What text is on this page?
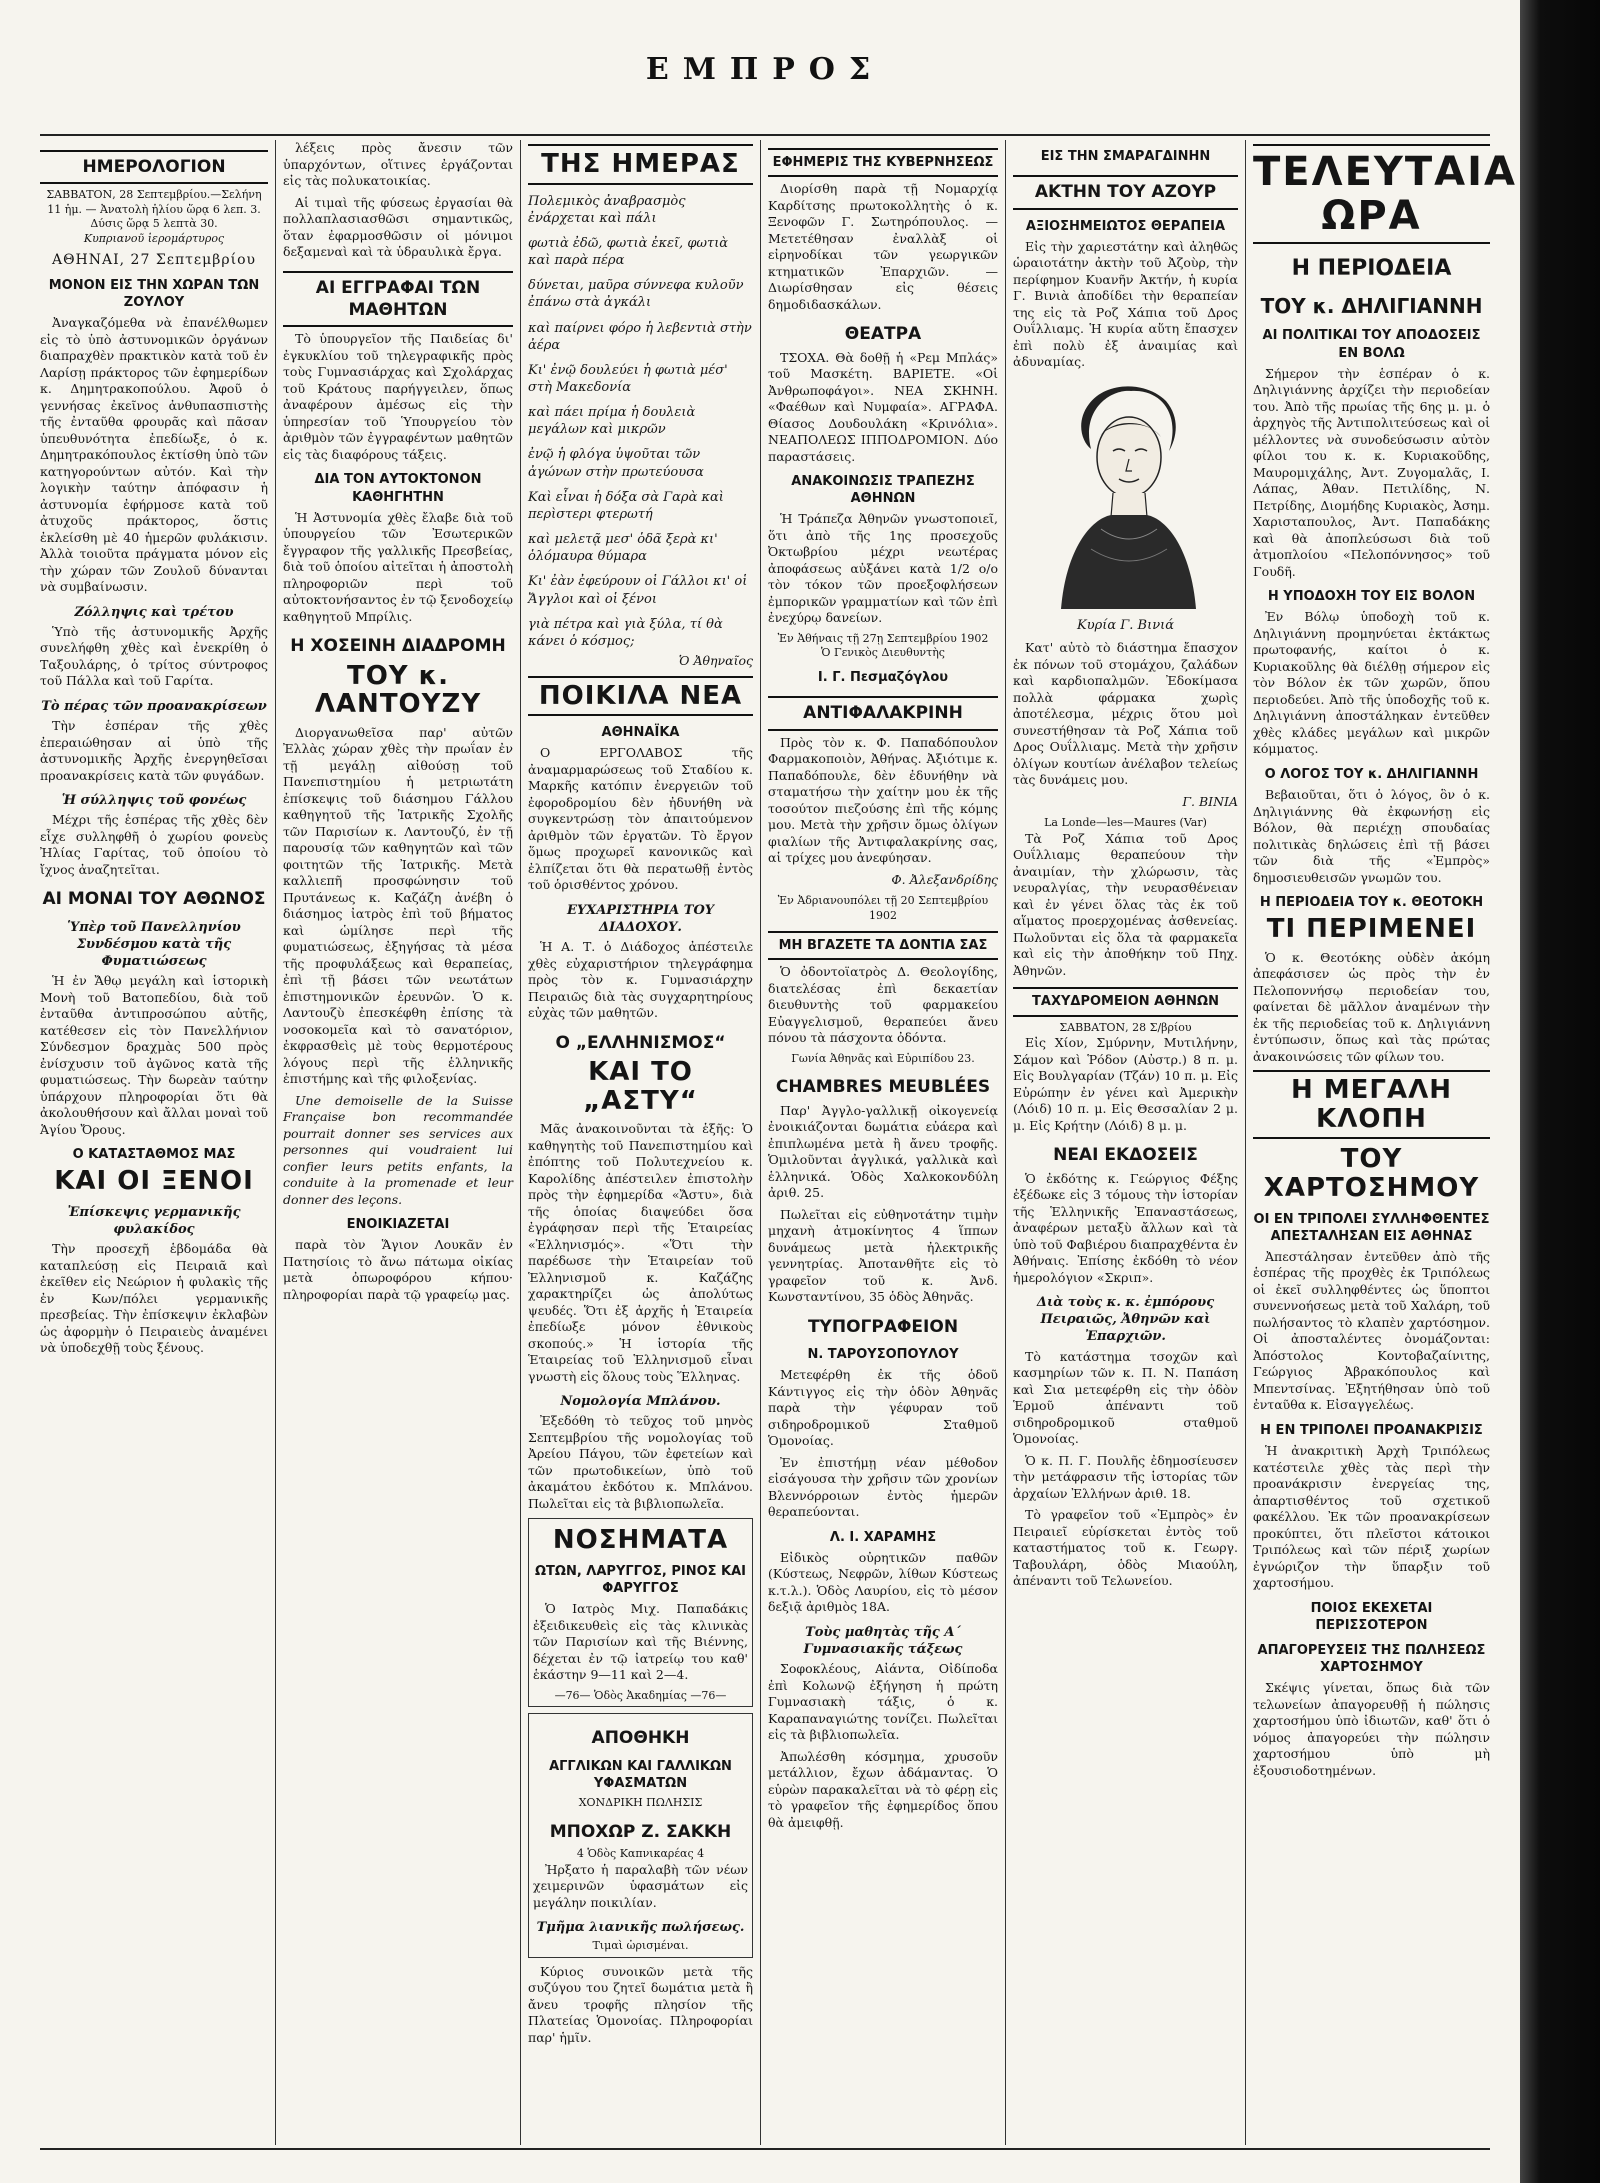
ΕΜΠΡΟΣ
ΗΜΕΡΟΛΟΓΙΟΝ
ΣΑΒΒΑΤΟΝ, 28 Σεπτεμβρίου.—Σελήνη 11 ἡμ. — Ἀνατολὴ ἡλίου ὥρᾳ 6 λεπ. 3. Δύσις ὥρᾳ 5 λεπτὰ 30.
Κυπριανοῦ ἱερομάρτυρος
ΑΘΗΝΑΙ, 27 Σεπτεμβρίου
ΜΟΝΟΝ ΕΙΣ ΤΗΝ ΧΩΡΑΝ ΤΩΝ ΖΟΥΛΟΥ

Ἀναγκαζόμεθα νὰ ἐπανέλθωμεν εἰς τὸ ὑπὸ ἀστυνομικῶν ὀργάνων διαπραχθὲν πρακτικὸν κατὰ τοῦ ἐν Λαρίσῃ πράκτορος τῶν ἐφημερίδων κ. Δημητρακοπούλου. Ἀφοῦ ὁ γεννήσας ἐκεῖνος ἀνθυπασπιστὴς τῆς ἐνταῦθα φρουρᾶς καὶ πᾶσαν ὑπευθυνότητα ἐπεδίωξε, ὁ κ. Δημητρακόπουλος ἐκτίσθη ὑπὸ τῶν κατηγορούντων αὐτόν. Καὶ τὴν λογικὴν ταύτην ἀπόφασιν ἡ ἀστυνομία ἐφήρμοσε κατὰ τοῦ ἀτυχοῦς πράκτορος, ὅστις ἐκλείσθη μὲ 40 ἡμερῶν φυλάκισιν. Ἀλλὰ τοιοῦτα πράγματα μόνον εἰς τὴν χώραν τῶν Ζουλοῦ δύνανται νὰ συμβαίνωσιν.

Ζόλληψις καὶ τρέτου

Ὑπὸ τῆς ἀστυνομικῆς Ἀρχῆς συνελήφθη χθὲς καὶ ἐνεκρίθη ὁ Ταξουλάρης, ὁ τρίτος σύντροφος τοῦ Πάλλα καὶ τοῦ Γαρίτα.

Τὸ πέρας τῶν προανακρίσεων

Τὴν ἑσπέραν τῆς χθὲς ἐπεραιώθησαν αἱ ὑπὸ τῆς ἀστυνομικῆς Ἀρχῆς ἐνεργηθεῖσαι προανακρίσεις κατὰ τῶν φυγάδων.

Ἡ σύλληψις τοῦ φονέως

Μέχρι τῆς ἑσπέρας τῆς χθὲς δὲν εἶχε συλληφθῆ ὁ χωρίου φονεὺς Ἠλίας Γαρίτας, τοῦ ὁποίου τὸ ἴχνος ἀναζητεῖται.

ΑΙ ΜΟΝΑΙ ΤΟΥ ΑΘΩΝΟΣ
Ὑπὲρ τοῦ Πανελληνίου Συνδέσμου κατὰ τῆς Φυματιώσεως

Ἡ ἐν Ἄθῳ μεγάλη καὶ ἱστορικὴ Μονὴ τοῦ Βατοπεδίου, διὰ τοῦ ἐνταῦθα ἀντιπροσώπου αὐτῆς, κατέθεσεν εἰς τὸν Πανελλήνιον Σύνδεσμον δραχμὰς 500 πρὸς ἐνίσχυσιν τοῦ ἀγῶνος κατὰ τῆς φυματιώσεως. Τὴν δωρεὰν ταύτην ὑπάρχουν πληροφορίαι ὅτι θὰ ἀκολουθήσουν καὶ ἄλλαι μοναὶ τοῦ Ἁγίου Ὄρους.

Ο ΚΑΤΑΣΤΑΘΜΟΣ ΜΑΣ
ΚΑΙ ΟΙ ΞΕΝΟΙ
Ἐπίσκεψις γερμανικῆς φυλακίδος

Τὴν προσεχῆ ἑβδομάδα θὰ καταπλεύσῃ εἰς Πειραιᾶ καὶ ἐκεῖθεν εἰς Νεώριον ἡ φυλακὶς τῆς ἐν Κων/πόλει γερμανικῆς πρεσβείας. Τὴν ἐπίσκεψιν ἐκλαβὼν ὡς ἀφορμὴν ὁ Πειραιεὺς ἀναμένει νὰ ὑποδεχθῇ τοὺς ξένους.

λέξεις πρὸς ἄνεσιν τῶν ὑπαρχόντων, οἵτινες ἐργάζονται εἰς τὰς πολυκατοικίας.

Αἱ τιμαὶ τῆς φύσεως ἐργασίαι θὰ πολλαπλασιασθῶσι σημαντικῶς, ὅταν ἐφαρμοσθῶσιν οἱ μόνιμοι δεξαμεναὶ καὶ τὰ ὑδραυλικὰ ἔργα.

ΑΙ ΕΓΓΡΑΦΑΙ ΤΩΝ ΜΑΘΗΤΩΝ

Τὸ ὑπουργεῖον τῆς Παιδείας δι' ἐγκυκλίου τοῦ τηλεγραφικῆς πρὸς τοὺς Γυμνασιάρχας καὶ Σχολάρχας τοῦ Κράτους παρήγγειλεν, ὅπως ἀναφέρουν ἀμέσως εἰς τὴν ὑπηρεσίαν τοῦ Ὑπουργείου τὸν ἀριθμὸν τῶν ἐγγραφέντων μαθητῶν εἰς τὰς διαφόρους τάξεις.

ΔΙΑ ΤΟΝ ΑΥΤΟΚΤΟΝΟΝ ΚΑΘΗΓΗΤΗΝ

Ἡ Ἀστυνομία χθὲς ἔλαβε διὰ τοῦ ὑπουργείου τῶν Ἐσωτερικῶν ἔγγραφον τῆς γαλλικῆς Πρεσβείας, διὰ τοῦ ὁποίου αἰτεῖται ἡ ἀποστολὴ πληροφοριῶν περὶ τοῦ αὐτοκτονήσαντος ἐν τῷ ξενοδοχείῳ καθηγητοῦ Μπρίλις.

Η ΧΟΣΕΙΝΗ ΔΙΑΔΡΟΜΗ
ΤΟΥ κ. ΛΑΝΤΟΥΖΥ

Διοργανωθεῖσα παρ' αὐτῶν Ἐλλὰς χώραν χθὲς τὴν πρωΐαν ἐν τῇ μεγάλῃ αἰθούσῃ τοῦ Πανεπιστημίου ἡ μετριωτάτη ἐπίσκεψις τοῦ διάσημου Γάλλου καθηγητοῦ τῆς Ἰατρικῆς Σχολῆς τῶν Παρισίων κ. Λαντουζύ, ἐν τῇ παρουσίᾳ τῶν καθηγητῶν καὶ τῶν φοιτητῶν τῆς Ἰατρικῆς. Μετὰ καλλιεπῆ προσφώνησιν τοῦ Πρυτάνεως κ. Καζάζη ἀνέβη ὁ διάσημος ἰατρὸς ἐπὶ τοῦ βήματος καὶ ὡμίλησε περὶ τῆς φυματιώσεως, ἐξηγήσας τὰ μέσα τῆς προφυλάξεως καὶ θεραπείας, ἐπὶ τῇ βάσει τῶν νεωτάτων ἐπιστημονικῶν ἐρευνῶν. Ὁ κ. Λαντουζὺ ἐπεσκέφθη ἐπίσης τὰ νοσοκομεῖα καὶ τὸ σανατόριον, ἐκφρασθεὶς μὲ τοὺς θερμοτέρους λόγους περὶ τῆς ἑλληνικῆς ἐπιστήμης καὶ τῆς φιλοξενίας.

Une demoiselle de la Suisse Française bon recommandée pourrait donner ses services aux personnes qui voudraient lui confier leurs petits enfants, la conduite à la promenade et leur donner des leçons.

ΕΝΟΙΚΙΑΖΕΤΑΙ

παρὰ τὸν Ἅγιον Λουκᾶν ἐν Πατησίοις τὸ ἄνω πάτωμα οἰκίας μετὰ ὀπωροφόρου κήπου· πληροφορίαι παρὰ τῷ γραφείῳ μας.

ΤΗΣ ΗΜΕΡΑΣ
Πολεμικὸς ἀναβρασμὸς ἐνάρχεται καὶ πάλι
φωτιὰ ἐδῶ, φωτιὰ ἐκεῖ, φωτιὰ καὶ παρὰ πέρα
δύνεται, μαῦρα σύννεφα κυλοῦν ἐπάνω στὰ ἀγκάλι
καὶ παίρνει φόρο ἡ λεβεντιὰ στὴν ἀέρα
Κι' ἐνῷ δουλεύει ἡ φωτιὰ μέσ' στὴ Μακεδονία
καὶ πάει πρίμα ἡ δουλειὰ μεγάλων καὶ μικρῶν
ἐνῷ ἡ φλόγα ὑψοῦται τῶν ἀγώνων στὴν πρωτεύουσα
Καὶ εἶναι ἡ δόξα σὰ Γαρὰ καὶ περὶστερι φτερωτή
καὶ μελετᾷ μεσ' ὁδᾶ ξερὰ κι' ὁλόμαυρα θύμαρα
Κι' ἐὰν ἐφεύρουν οἱ Γάλλοι κι' οἱ Ἄγγλοι καὶ οἱ ξένοι
γιὰ πέτρα καὶ γιὰ ξύλα, τί θὰ κάνει ὁ κόσμος;
Ὁ Ἀθηναῖος
ΠΟΙΚΙΛΑ ΝΕΑ
ΑΘΗΝΑΪΚΑ

Ο ΕΡΓΟΛΑΒΟΣ τῆς ἀναμαρμαρώσεως τοῦ Σταδίου κ. Μαρκῆς κατόπιν ἐνεργειῶν τοῦ ἐφοροδρομίου δὲν ἠδυνήθη νὰ συγκεντρώσῃ τὸν ἀπαιτούμενον ἀριθμὸν τῶν ἐργατῶν. Τὸ ἔργον ὅμως προχωρεῖ κανονικῶς καὶ ἐλπίζεται ὅτι θὰ περατωθῇ ἐντὸς τοῦ ὁρισθέντος χρόνου.

ΕΥΧΑΡΙΣΤΗΡΙΑ ΤΟΥ ΔΙΑΔΟΧΟΥ.

Ἡ Α. Τ. ὁ Διάδοχος ἀπέστειλε χθὲς εὐχαριστήριον τηλεγράφημα πρὸς τὸν κ. Γυμνασιάρχην Πειραιῶς διὰ τὰς συγχαρητηρίους εὐχὰς τῶν μαθητῶν.

Ο „ΕΛΛΗΝΙΣΜΟΣ“
ΚΑΙ ΤΟ „ΑΣΤΥ“

Μᾶς ἀνακοινοῦνται τὰ ἑξῆς: Ὁ καθηγητὴς τοῦ Πανεπιστημίου καὶ ἐπόπτης τοῦ Πολυτεχνείου κ. Καρολίδης ἀπέστειλεν ἐπιστολὴν πρὸς τὴν ἐφημερίδα «Ἄστυ», διὰ τῆς ὁποίας διαψεύδει ὅσα ἐγράφησαν περὶ τῆς Ἑταιρείας «Ἑλληνισμός». «Ὅτι τὴν παρέδωσε τὴν Ἑταιρείαν τοῦ Ἑλληνισμοῦ κ. Καζάζης χαρακτηρίζει ὡς ἀπολύτως ψευδές. Ὅτι ἐξ ἀρχῆς ἡ Ἑταιρεία ἐπεδίωξε μόνον ἐθνικοὺς σκοπούς.» Ἡ ἱστορία τῆς Ἑταιρείας τοῦ Ἑλληνισμοῦ εἶναι γνωστὴ εἰς ὅλους τοὺς Ἕλληνας.

Νομολογία Μπλάνου.

Ἐξεδόθη τὸ τεῦχος τοῦ μηνὸς Σεπτεμβρίου τῆς νομολογίας τοῦ Ἀρείου Πάγου, τῶν ἐφετείων καὶ τῶν πρωτοδικείων, ὑπὸ τοῦ ἀκαμάτου ἐκδότου κ. Μπλάνου. Πωλεῖται εἰς τὰ βιβλιοπωλεῖα.

ΝΟΣΗΜΑΤΑ
ΩΤΩΝ, ΛΑΡΥΓΓΟΣ, ΡΙΝΟΣ ΚΑΙ ΦΑΡΥΓΓΟΣ

Ὁ Ιατρὸς Μιχ. Παπαδάκις ἐξειδικευθεὶς εἰς τὰς κλινικὰς τῶν Παρισίων καὶ τῆς Βιέννης, δέχεται ἐν τῷ ἰατρείῳ του καθ' ἑκάστην 9—11 καὶ 2—4.

—76— Ὁδὸς Ἀκαδημίας —76—
ΑΠΟΘΗΚΗ
ΑΓΓΛΙΚΩΝ ΚΑΙ ΓΑΛΛΙΚΩΝ ΥΦΑΣΜΑΤΩΝ
ΧΟΝΔΡΙΚΗ ΠΩΛΗΣΙΣ
ΜΠΟΧΩΡ Ζ. ΣΑΚΚΗ
4 Ὁδὸς Καπνικαρέας 4

Ἠρξατο ἡ παραλαβὴ τῶν νέων χειμερινῶν ὑφασμάτων εἰς μεγάλην ποικιλίαν.

Τμῆμα λιανικῆς πωλήσεως.
Τιμαὶ ὡρισμέναι.

Κύριος συνοικῶν μετὰ τῆς συζύγου του ζητεῖ δωμάτια μετὰ ἢ ἄνευ τροφῆς πλησίον τῆς Πλατείας Ὁμονοίας. Πληροφορίαι παρ' ἡμῖν.

ΕΦΗΜΕΡΙΣ ΤΗΣ ΚΥΒΕΡΝΗΣΕΩΣ

Διορίσθη παρὰ τῇ Νομαρχίᾳ Καρδίτσης πρωτοκολλητὴς ὁ κ. Ξενοφῶν Γ. Σωτηρόπουλος. — Μετετέθησαν ἐναλλὰξ οἱ εἰρηνοδίκαι τῶν γεωργικῶν κτηματικῶν Ἐπαρχιῶν. — Διωρίσθησαν εἰς θέσεις δημοδιδασκάλων.

ΘΕΑΤΡΑ

ΤΣΟΧΑ. Θὰ δοθῇ ἡ «Ρεμ Μπλάς» τοῦ Μασκέτη. ΒΑΡΙΕΤΕ. «Οἱ Ἀνθρωποφάγοι». ΝΕΑ ΣΚΗΝΗ. «Φαέθων καὶ Νυμφαία». ΑΓΡΑΦΑ. Θίασος Δουδουλάκη «Κρινόλια». ΝΕΑΠΟΛΕΩΣ ΙΠΠΟΔΡΟΜΙΟΝ. Δύο παραστάσεις.

ΑΝΑΚΟΙΝΩΣΙΣ ΤΡΑΠΕΖΗΣ ΑΘΗΝΩΝ

Ἡ Τράπεζα Ἀθηνῶν γνωστοποιεῖ, ὅτι ἀπὸ τῆς 1ης προσεχοῦς Ὀκτωβρίου μέχρι νεωτέρας ἀποφάσεως αὐξάνει κατὰ 1/2 ο/ο τὸν τόκον τῶν προεξοφλήσεων ἐμπορικῶν γραμματίων καὶ τῶν ἐπὶ ἐνεχύρῳ δανείων.

Ἐν Ἀθήναις τῇ 27ῃ Σεπτεμβρίου 1902
Ὁ Γενικὸς Διευθυντὴς
Ι. Γ. Πεσμαζόγλου
ΑΝΤΙΦΑΛΑΚΡΙΝΗ

Πρὸς τὸν κ. Φ. Παπαδόπουλον Φαρμακοποιὸν, Ἀθήνας. Ἀξιότιμε κ. Παπαδόπουλε, δὲν ἐδυνήθην νὰ σταματήσω τὴν χαίτην μου ἐκ τῆς τοσούτον πιεζούσης ἐπὶ τῆς κόμης μου. Μετὰ τὴν χρῆσιν ὅμως ὀλίγων φιαλίων τῆς Ἀντιφαλακρίνης σας, αἱ τρίχες μου ἀνεφύησαν.

Φ. Ἀλεξανδρίδης
Ἐν Ἀδριανουπόλει τῇ 20 Σεπτεμβρίου 1902
ΜΗ ΒΓΑΖΕΤΕ ΤΑ ΔΟΝΤΙΑ ΣΑΣ

Ὁ ὀδοντοϊατρὸς Δ. Θεολογίδης, διατελέσας ἐπὶ δεκαετίαν διευθυντὴς τοῦ φαρμακείου Εὐαγγελισμοῦ, θεραπεύει ἄνευ πόνου τὰ πάσχοντα ὀδόντα.

Γωνία Ἀθηνᾶς καὶ Εὐριπίδου 23.
CHAMBRES MEUBLÉES

Παρ' Ἀγγλο-γαλλικῇ οἰκογενείᾳ ἐνοικιάζονται δωμάτια εὐάερα καὶ ἐπιπλωμένα μετὰ ἢ ἄνευ τροφῆς. Ὁμιλοῦνται ἀγγλικά, γαλλικὰ καὶ ἑλληνικά. Ὁδὸς Χαλκοκονδύλη ἀριθ. 25.

Πωλεῖται εἰς εὐθηνοτάτην τιμὴν μηχανὴ ἀτμοκίνητος 4 ἵππων δυνάμεως μετὰ ἠλεκτρικῆς γεννητρίας. Ἀποτανθῆτε εἰς τὸ γραφεῖον τοῦ κ. Ἀνδ. Κωνσταντίνου, 35 ὁδὸς Ἀθηνᾶς.

ΤΥΠΟΓΡΑΦΕΙΟΝ
Ν. ΤΑΡΟΥΣΟΠΟΥΛΟΥ

Μετεφέρθη ἐκ τῆς ὁδοῦ Κάντιγγος εἰς τὴν ὁδὸν Ἀθηνᾶς παρὰ τὴν γέφυραν τοῦ σιδηροδρομικοῦ Σταθμοῦ Ὁμονοίας.

Ἐν ἐπιστήμῃ νέαν μέθοδον εἰσάγουσα τὴν χρῆσιν τῶν χρονίων Βλεννόρροιων ἐντὸς ἡμερῶν θεραπεύονται.

Λ. Ι. ΧΑΡΑΜΗΣ

Εἰδικὸς οὐρητικῶν παθῶν (Κύστεως, Νεφρῶν, λίθων Κύστεως κ.τ.λ.). Ὁδὸς Λαυρίου, εἰς τὸ μέσον δεξιᾷ ἀριθμὸς 18Α.

Τοὺς μαθητὰς τῆς Α΄ Γυμνασιακῆς τάξεως

Σοφοκλέους, Αἰάντα, Οἰδίποδα ἐπὶ Κολωνῷ ἐξήγηση ἡ πρώτη Γυμνασιακὴ τάξις, ὁ κ. Καραπαναγιώτης τονίζει. Πωλεῖται εἰς τὰ βιβλιοπωλεῖα.

Ἀπωλέσθη κόσμημα, χρυσοῦν μετάλλιον, ἔχων ἀδάμαντας. Ὁ εὑρὼν παρακαλεῖται νὰ τὸ φέρῃ εἰς τὸ γραφεῖον τῆς ἐφημερίδος ὅπου θὰ ἀμειφθῇ.

ΕΙΣ ΤΗΝ ΣΜΑΡΑΓΔΙΝΗΝ
ΑΚΤΗΝ ΤΟΥ ΑΖΟΥΡ
ΑΞΙΟΣΗΜΕΙΩΤΟΣ ΘΕΡΑΠΕΙΑ

Εἰς τὴν χαριεστάτην καὶ ἀληθῶς ὡραιοτάτην ἀκτὴν τοῦ Ἀζοὺρ, τὴν περίφημον Κυανῆν Ἀκτήν, ἡ κυρία Γ. Βινιὰ ἀποδίδει τὴν θεραπείαν της εἰς τὰ Ροζ Χάπια τοῦ Δρος Ουΐλλιαμς. Ἡ κυρία αὕτη ἔπασχεν ἐπὶ πολὺ ἐξ ἀναιμίας καὶ ἀδυναμίας.

Κυρία Γ. Βινιά

Κατ' αὐτὸ τὸ διάστημα ἔπασχον ἐκ πόνων τοῦ στομάχου, ζαλάδων καὶ καρδιοπαλμῶν. Ἐδοκίμασα πολλὰ φάρμακα χωρὶς ἀποτέλεσμα, μέχρις ὅτου μοὶ συνεστήθησαν τὰ Ροζ Χάπια τοῦ Δρος Ουΐλλιαμς. Μετὰ τὴν χρῆσιν ὀλίγων κουτίων ἀνέλαβον τελείως τὰς δυνάμεις μου.

Γ. ΒΙΝΙΑ
La Londe—les—Maures (Var)

Τὰ Ροζ Χάπια τοῦ Δρος Ουΐλλιαμς θεραπεύουν τὴν ἀναιμίαν, τὴν χλώρωσιν, τὰς νευραλγίας, τὴν νευρασθένειαν καὶ ἐν γένει ὅλας τὰς ἐκ τοῦ αἵματος προερχομένας ἀσθενείας. Πωλοῦνται εἰς ὅλα τὰ φαρμακεῖα καὶ εἰς τὴν ἀποθήκην τοῦ Πηχ. Ἀθηνῶν.

ΤΑΧΥΔΡΟΜΕΙΟΝ ΑΘΗΝΩΝ
ΣΑΒΒΑΤΟΝ, 28 Σ/βρίου

Εἰς Χίον, Σμύρνην, Μυτιλήνην, Σάμον καὶ Ῥόδον (Αὐστρ.) 8 π. μ. Εἰς Βουλγαρίαν (Τζάν) 10 π. μ. Εἰς Εὐρώπην ἐν γένει καὶ Ἀμερικὴν (Λόιδ) 10 π. μ. Εἰς Θεσσαλίαν 2 μ. μ. Εἰς Κρήτην (Λόιδ) 8 μ. μ.

ΝΕΑΙ ΕΚΔΟΣΕΙΣ

Ὁ ἐκδότης κ. Γεώργιος Φέξης ἐξέδωκε εἰς 3 τόμους τὴν ἱστορίαν τῆς Ἑλληνικῆς Ἐπαναστάσεως, ἀναφέρων μεταξὺ ἄλλων καὶ τὰ ὑπὸ τοῦ Φαβιέρου διαπραχθέντα ἐν Ἀθήναις. Ἐπίσης ἐκδόθη τὸ νέον ἡμερολόγιον «Σκριπ».

Διὰ τοὺς κ. κ. ἐμπόρους Πειραιῶς, Ἀθηνῶν καὶ Ἐπαρχιῶν.

Τὸ κατάστημα τσοχῶν καὶ κασμηρίων τῶν κ. Π. Ν. Παπάση καὶ Σια μετεφέρθη εἰς τὴν ὁδὸν Ἑρμοῦ ἀπέναντι τοῦ σιδηροδρομικοῦ σταθμοῦ Ὁμονοίας.

Ὁ κ. Π. Γ. Πουλῆς ἐδημοσίευσεν τὴν μετάφρασιν τῆς ἱστορίας τῶν ἀρχαίων Ἐλλήνων ἀριθ. 18.

Τὸ γραφεῖον τοῦ «Ἐμπρὸς» ἐν Πειραιεῖ εὑρίσκεται ἐντὸς τοῦ καταστήματος τοῦ κ. Γεωργ. Ταβουλάρη, ὁδὸς Μιαούλη, ἀπέναντι τοῦ Τελωνείου.

ΤΕΛΕΥΤΑΙΑ ΩΡΑ
Η ΠΕΡΙΟΔΕΙΑ
ΤΟΥ κ. ΔΗΛΙΓΙΑΝΝΗ
ΑΙ ΠΟΛΙΤΙΚΑΙ ΤΟΥ ΑΠΟΔΟΣΕΙΣ ΕΝ ΒΟΛΩ

Σήμερον τὴν ἑσπέραν ὁ κ. Δηλιγιάννης ἀρχίζει τὴν περιοδείαν του. Ἀπὸ τῆς πρωίας τῆς 6ης μ. μ. ὁ ἀρχηγὸς τῆς Ἀντιπολιτεύσεως καὶ οἱ μέλλοντες νὰ συνοδεύσωσιν αὐτὸν φίλοι του κ. κ. Κυριακοῦδης, Μαυρομιχάλης, Ἀντ. Ζυγομαλᾶς, Ι. Λάπας, Ἀθαν. Πετιλίδης, Ν. Πετρίδης, Διομήδης Κυριακὸς, Ἀσημ. Χαρισταπουλος, Ἀντ. Παπαδάκης καὶ θὰ ἀποπλεύσωσι διὰ τοῦ ἀτμοπλοίου «Πελοπόννησος» τοῦ Γουδῆ.

Η ΥΠΟΔΟΧΗ ΤΟΥ ΕΙΣ ΒΟΛΟΝ

Ἐν Βόλῳ ὑποδοχὴ τοῦ κ. Δηλιγιάννη προμηνύεται ἐκτάκτως πρωτοφανής, καίτοι ὁ κ. Κυριακοῦλης θὰ διέλθῃ σήμερον εἰς τὸν Βόλον ἐκ τῶν χωρῶν, ὅπου περιοδεύει. Ἀπὸ τῆς ὑποδοχῆς τοῦ κ. Δηλιγιάννη ἀποστάληκαν ἐντεῦθεν χθὲς κλάδες μεγάλων καὶ μικρῶν κόμματος.

Ο ΛΟΓΟΣ ΤΟΥ κ. ΔΗΛΙΓΙΑΝΝΗ

Βεβαιοῦται, ὅτι ὁ λόγος, ὃν ὁ κ. Δηλιγιάννης θὰ ἐκφωνήσῃ εἰς Βόλον, θὰ περιέχῃ σπουδαίας πολιτικὰς δηλώσεις ἐπὶ τῇ βάσει τῶν διὰ τῆς «Ἐμπρὸς» δημοσιευθεισῶν γνωμῶν του.

Η ΠΕΡΙΟΔΕΙΑ ΤΟΥ κ. ΘΕΟΤΟΚΗ
ΤΙ ΠΕΡΙΜΕΝΕΙ

Ὁ κ. Θεοτόκης οὐδὲν ἀκόμη ἀπεφάσισεν ὡς πρὸς τὴν ἐν Πελοποννήσῳ περιοδείαν του, φαίνεται δὲ μᾶλλον ἀναμένων τὴν ἐκ τῆς περιοδείας τοῦ κ. Δηλιγιάννη ἐντύπωσιν, ὅπως καὶ τὰς πρώτας ἀνακοινώσεις τῶν φίλων του.

Η ΜΕΓΑΛΗ ΚΛΟΠΗ
ΤΟΥ ΧΑΡΤΟΣΗΜΟΥ
ΟΙ ΕΝ ΤΡΙΠΟΛΕΙ ΣΥΛΛΗΦΘΕΝΤΕΣ ΑΠΕΣΤΑΛΗΣΑΝ ΕΙΣ ΑΘΗΝΑΣ

Ἀπεστάλησαν ἐντεῦθεν ἀπὸ τῆς ἑσπέρας τῆς προχθὲς ἐκ Τριπόλεως οἱ ἐκεῖ συλληφθέντες ὡς ὕποπτοι συνεννοήσεως μετὰ τοῦ Χαλάρη, τοῦ πωλήσαντος τὸ κλαπὲν χαρτόσημον. Οἱ ἀποσταλέντες ὀνομάζονται: Ἀπόστολος Κοντοβαζαίνιτης, Γεώργιος Ἀβρακόπουλος καὶ Μπεντσίνας. Ἐξητήθησαν ὑπὸ τοῦ ἐνταῦθα κ. Εἰσαγγελέως.

Η ΕΝ ΤΡΙΠΟΛΕΙ ΠΡΟΑΝΑΚΡΙΣΙΣ

Ἡ ἀνακριτικὴ Ἀρχὴ Τριπόλεως κατέστειλε χθὲς τὰς περὶ τὴν προανάκρισιν ἐνεργείας της, ἀπαρτισθέντος τοῦ σχετικοῦ φακέλλου. Ἐκ τῶν προανακρίσεων προκύπτει, ὅτι πλεῖστοι κάτοικοι Τριπόλεως καὶ τῶν πέριξ χωρίων ἐγνώριζον τὴν ὕπαρξιν τοῦ χαρτοσήμου.

ΠΟΙΟΣ ΕΚΕΧΕΤΑΙ ΠΕΡΙΣΣΟΤΕΡΟΝ
ΑΠΑΓΟΡΕΥΣΕΙΣ ΤΗΣ ΠΩΛΗΣΕΩΣ ΧΑΡΤΟΣΗΜΟΥ

Σκέψις γίνεται, ὅπως διὰ τῶν τελωνείων ἀπαγορευθῇ ἡ πώλησις χαρτοσήμου ὑπὸ ἰδιωτῶν, καθ' ὅτι ὁ νόμος ἀπαγορεύει τὴν πώλησιν χαρτοσήμου ὑπὸ μὴ ἐξουσιοδοτημένων.
